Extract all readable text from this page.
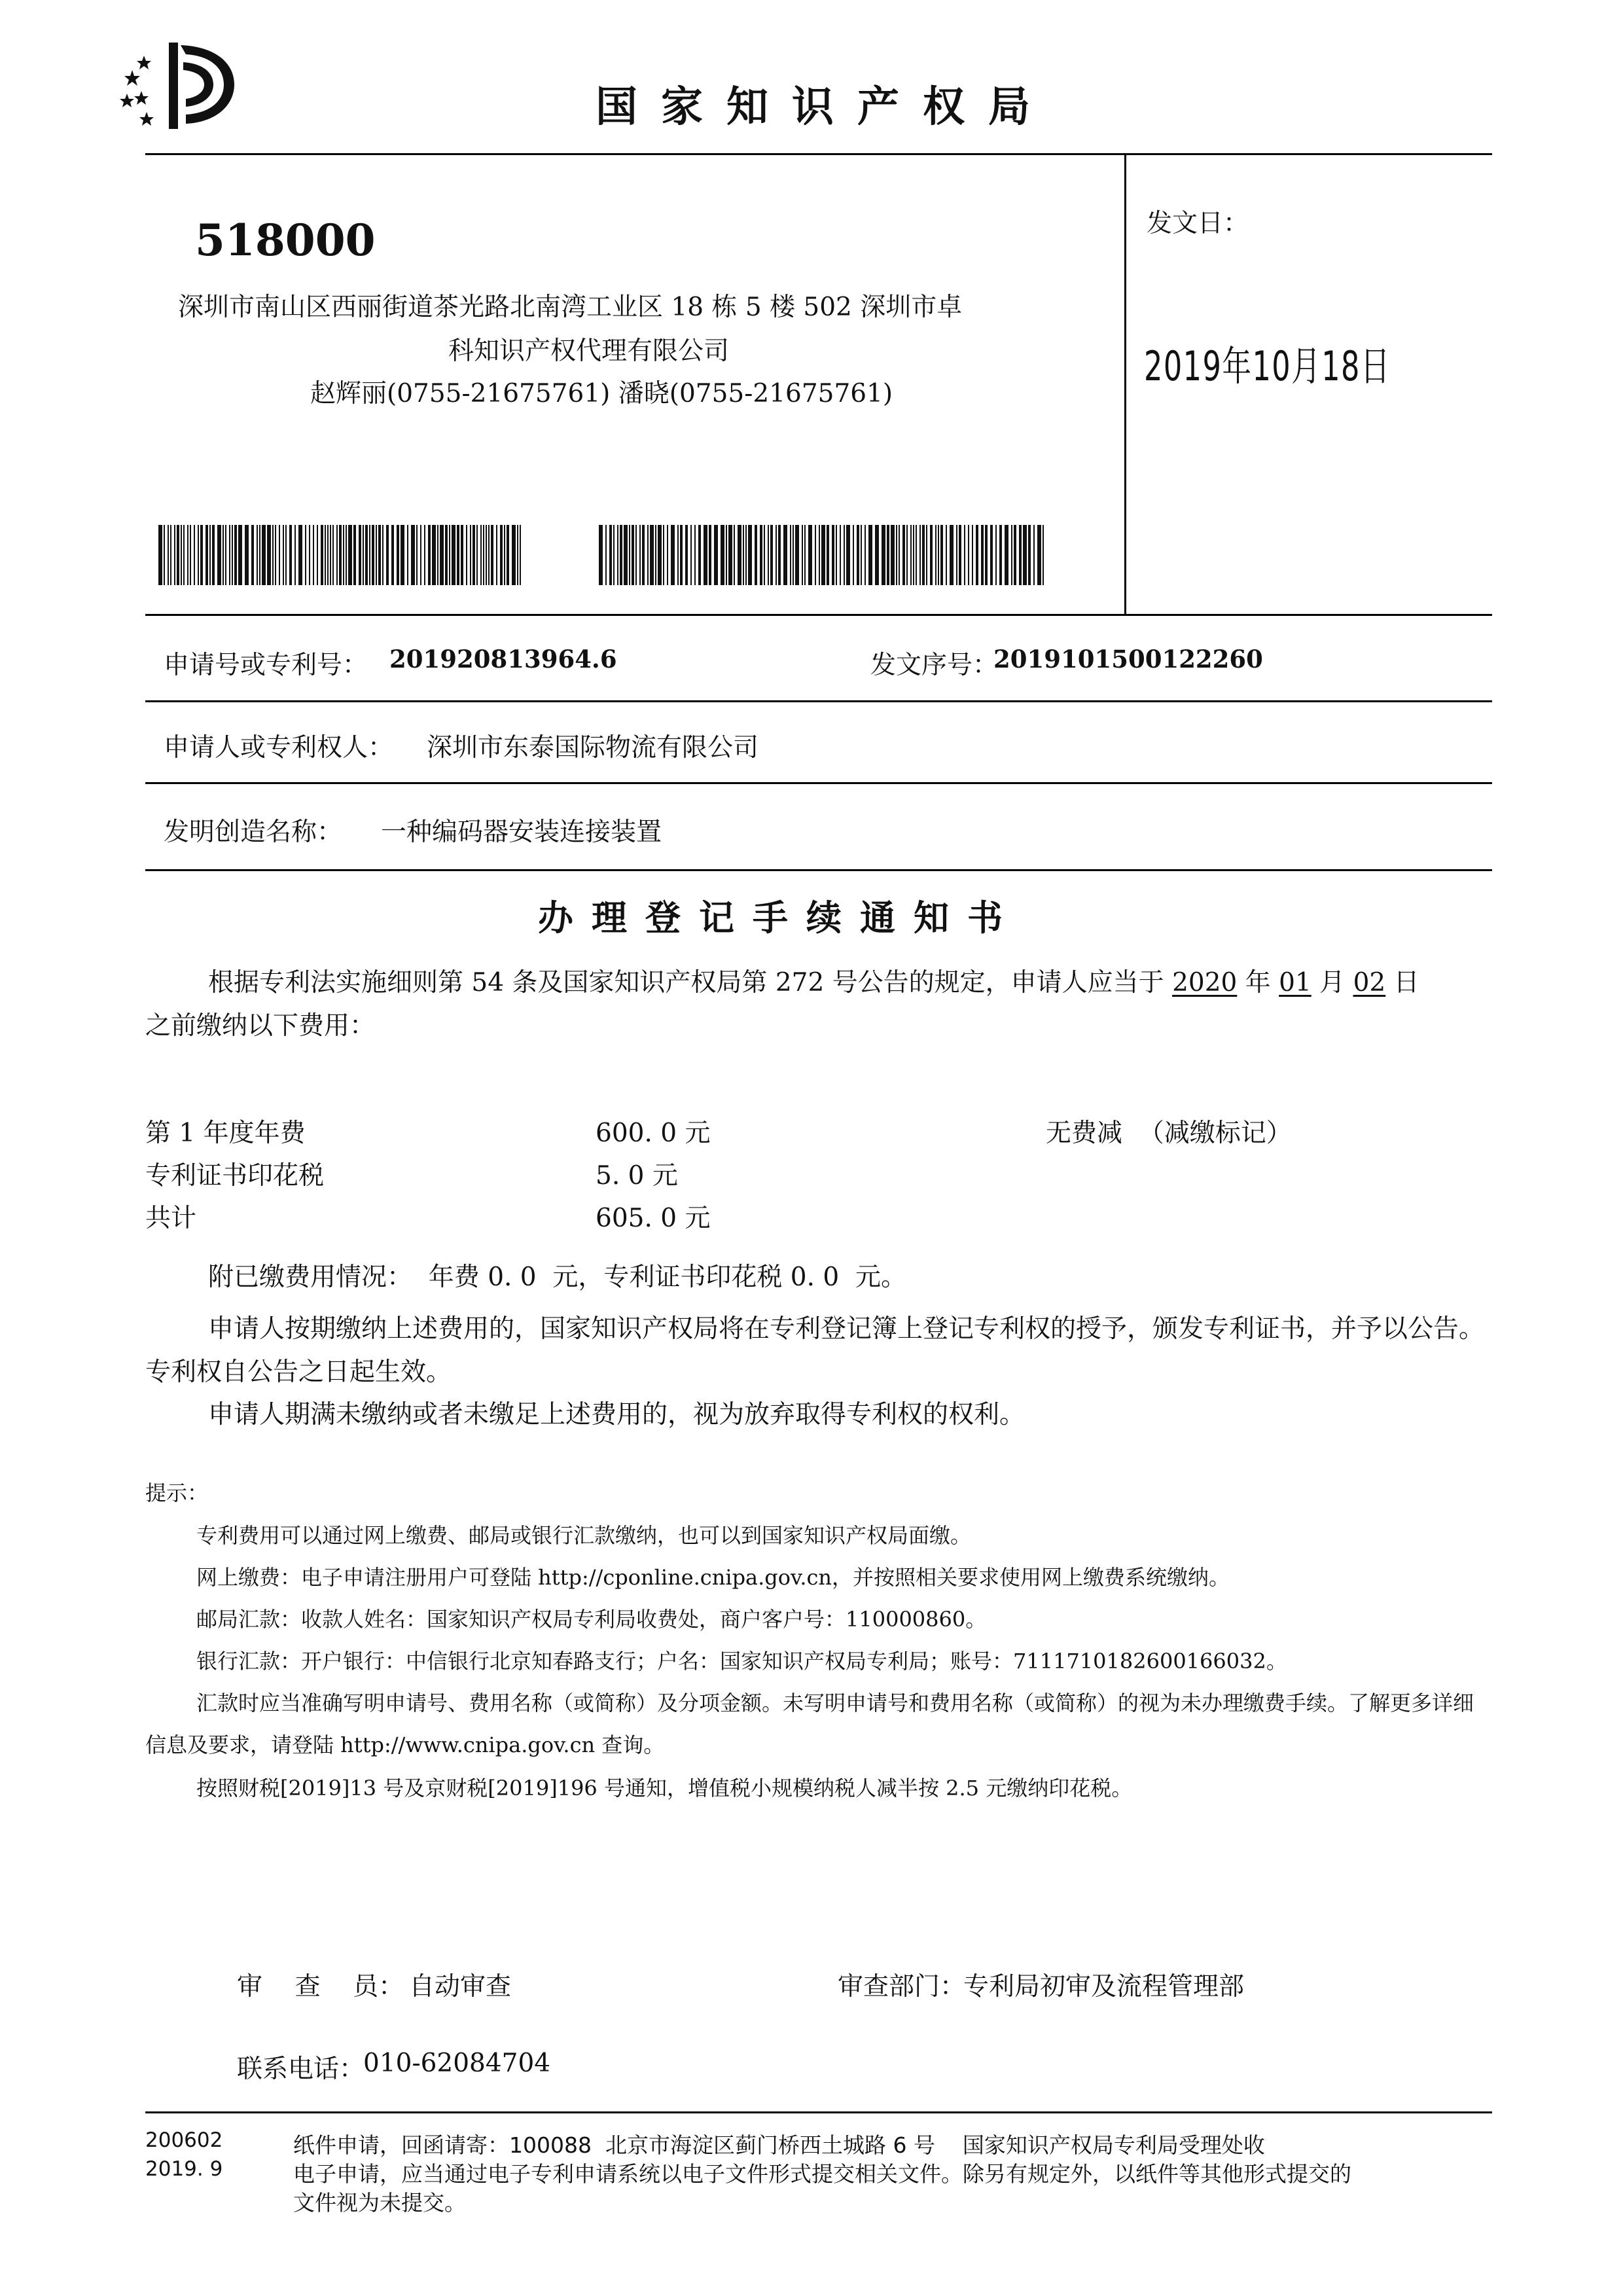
国家知识产权局
518000
深圳市南山区西丽街道茶光路北南湾工业区 18 栋 5 楼 502 深圳市卓
科知识产权代理有限公司
赵辉丽(0755-21675761) 潘晓(0755-21675761)
发文日：
2019年10月18日
申请号或专利号： 201920813964.6	发文序号：
2019101500122260
申请人或专利权人： 深圳市东泰国际物流有限公司
发明创造名称： 一种编码器安装连接装置
办理登记手续通知书
根据专利法实施细则第 54 条及国家知识产权局第 272 号公告的规定，申请人应当于 2020 年 01 月 02 日
之前缴纳以下费用：
第 1 年度年费	600. 0 元	无费减  （减缴标记）
专利证书印花税	5. 0 元
共计	605. 0 元
附已缴费用情况：  年费 0. 0  元，专利证书印花税 0. 0  元。
申请人按期缴纳上述费用的，国家知识产权局将在专利登记簿上登记专利权的授予，颁发专利证书，并予以公告。专利权自公告之日起生效。
申请人期满未缴纳或者未缴足上述费用的，视为放弃取得专利权的权利。
提示：
专利费用可以通过网上缴费、邮局或银行汇款缴纳，也可以到国家知识产权局面缴。
网上缴费：电子申请注册用户可登陆 http://cponline.cnipa.gov.cn，并按照相关要求使用网上缴费系统缴纳。
邮局汇款：收款人姓名：国家知识产权局专利局收费处，商户客户号：110000860。
银行汇款：开户银行：中信银行北京知春路支行；户名：国家知识产权局专利局；账号：7111710182600166032。
汇款时应当准确写明申请号、费用名称（或简称）及分项金额。未写明申请号和费用名称（或简称）的视为未办理缴费手续。了解更多详细信息及要求，请登陆 http://www.cnipa.gov.cn 查询。
按照财税[2019]13 号及京财税[2019]196 号通知，增值税小规模纳税人减半按 2.5 元缴纳印花税。
审    查    员： 自动审查	审查部门：
专利局初审及流程管理部
联系电话：
010-62084704
200602
2019. 9
纸件申请，回函请寄：100088  北京市海淀区蓟门桥西土城路 6 号    国家知识产权局专利局受理处收
电子申请，应当通过电子专利申请系统以电子文件形式提交相关文件。除另有规定外，以纸件等其他形式提交的
文件视为未提交。
